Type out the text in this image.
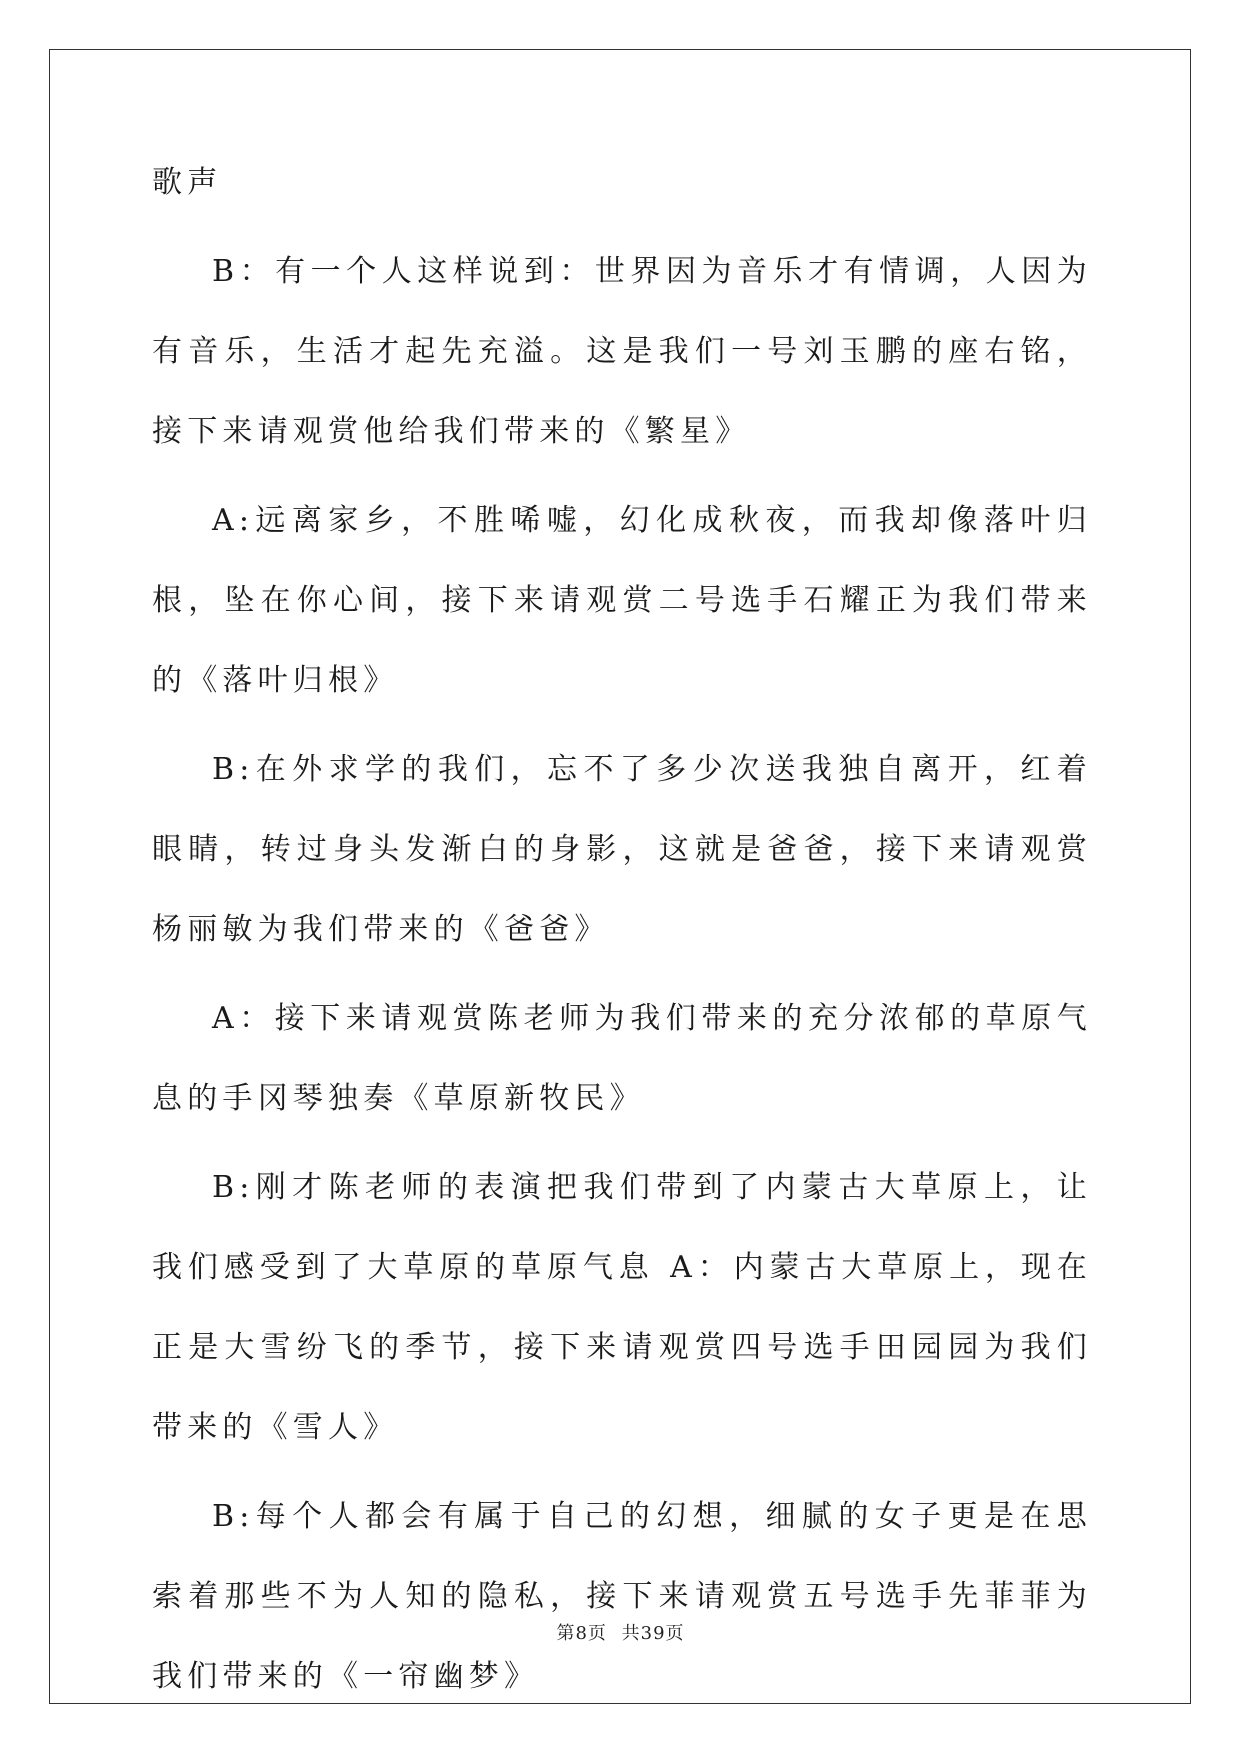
歌声

B：有一个人这样说到：世界因为音乐才有情调，人因为有音乐，生活才起先充溢。这是我们一号刘玉鹏的座右铭，接下来请观赏他给我们带来的《繁星》

A:远离家乡，不胜唏嘘，幻化成秋夜，而我却像落叶归根，坠在你心间，接下来请观赏二号选手石耀正为我们带来的《落叶归根》

B:在外求学的我们，忘不了多少次送我独自离开，红着眼睛，转过身头发渐白的身影，这就是爸爸，接下来请观赏杨丽敏为我们带来的《爸爸》

A：接下来请观赏陈老师为我们带来的充分浓郁的草原气息的手冈琴独奏《草原新牧民》

B:刚才陈老师的表演把我们带到了内蒙古大草原上，让我们感受到了大草原的草原气息 A：内蒙古大草原上，现在正是大雪纷飞的季节，接下来请观赏四号选手田园园为我们带来的《雪人》

B:每个人都会有属于自己的幻想，细腻的女子更是在思索着那些不为人知的隐私，接下来请观赏五号选手先菲菲为我们带来的《一帘幽梦》

第8页 共39页
